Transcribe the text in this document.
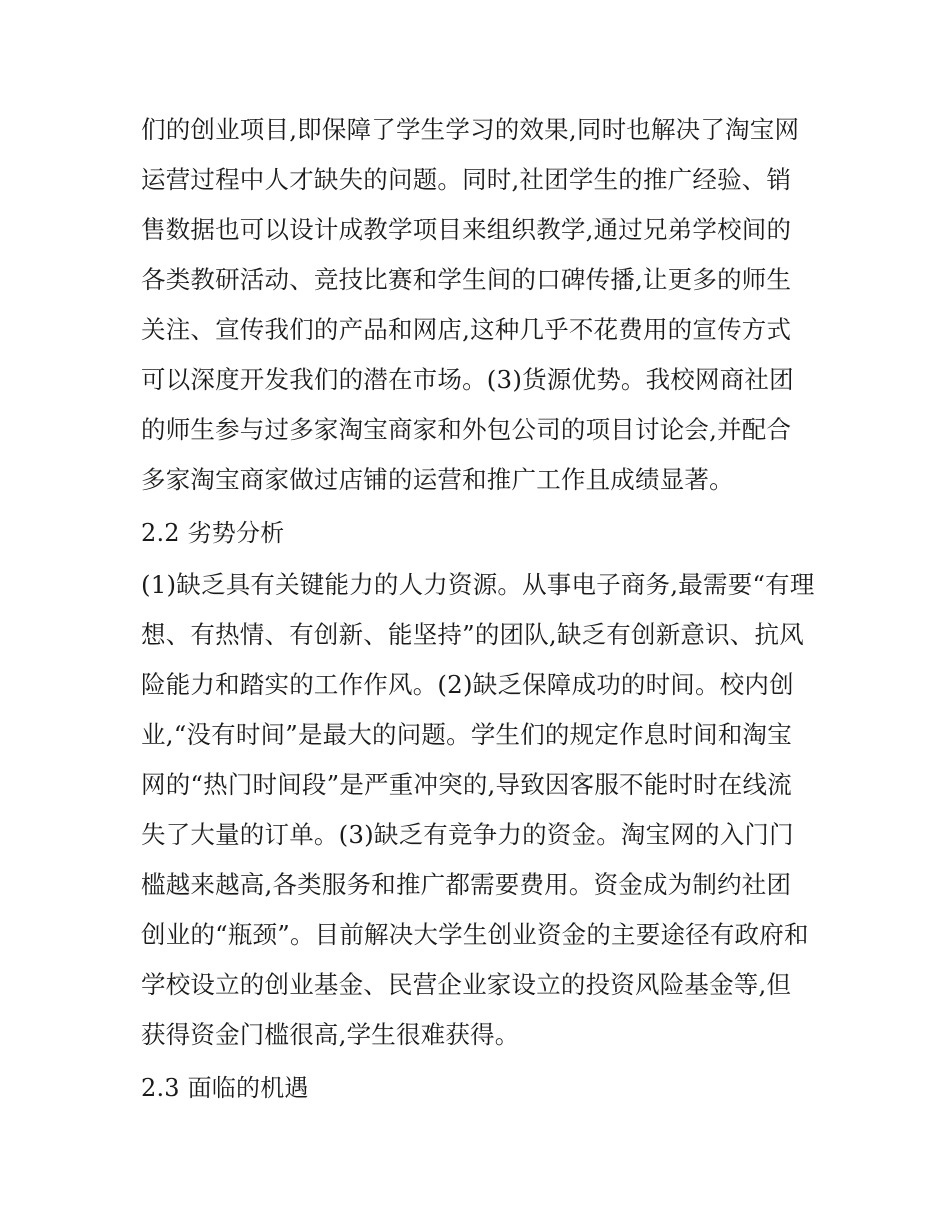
们的创业项目,即保障了学生学习的效果,同时也解决了淘宝网
运营过程中人才缺失的问题。同时,社团学生的推广经验、销
售数据也可以设计成教学项目来组织教学,通过兄弟学校间的
各类教研活动、竞技比赛和学生间的口碑传播,让更多的师生
关注、宣传我们的产品和网店,这种几乎不花费用的宣传方式
可以深度开发我们的潜在市场。(3)货源优势。我校网商社团
的师生参与过多家淘宝商家和外包公司的项目讨论会,并配合
多家淘宝商家做过店铺的运营和推广工作且成绩显著。
2.2 劣势分析
(1)缺乏具有关键能力的人力资源。从事电子商务,最需要“有理
想、有热情、有创新、能坚持”的团队,缺乏有创新意识、抗风
险能力和踏实的工作作风。(2)缺乏保障成功的时间。校内创
业,“没有时间”是最大的问题。学生们的规定作息时间和淘宝
网的“热门时间段”是严重冲突的,导致因客服不能时时在线流
失了大量的订单。(3)缺乏有竞争力的资金。淘宝网的入门门
槛越来越高,各类服务和推广都需要费用。资金成为制约社团
创业的“瓶颈”。目前解决大学生创业资金的主要途径有政府和
学校设立的创业基金、民营企业家设立的投资风险基金等,但
获得资金门槛很高,学生很难获得。
2.3 面临的机遇
